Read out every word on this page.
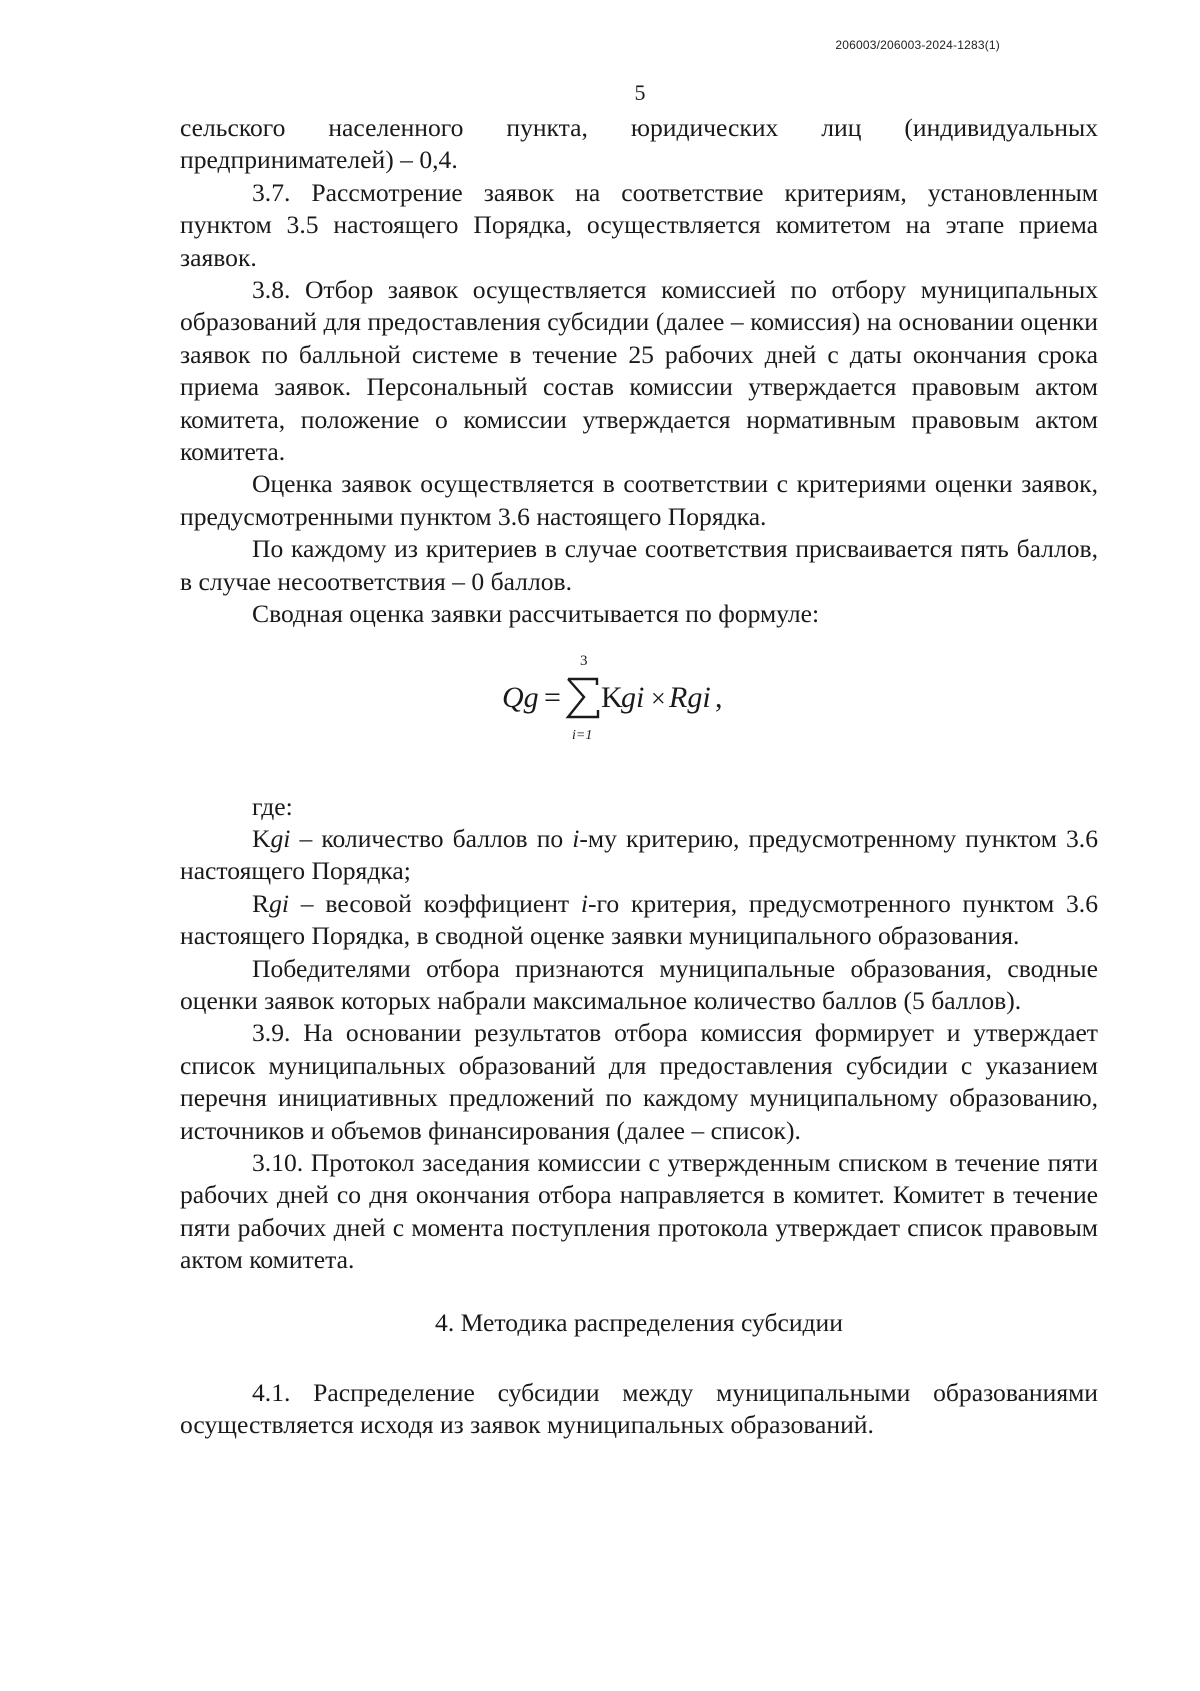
206003/206003-2024-1283(1)
5

сельского населенного пункта, юридических лиц (индивидуальных предпринимателей) – 0,4.

3.7. Рассмотрение заявок на соответствие критериям, установленным пунктом 3.5 настоящего Порядка, осуществляется комитетом на этапе приема заявок.

3.8. Отбор заявок осуществляется комиссией по отбору муниципальных образований для предоставления субсидии (далее – комиссия) на основании оценки заявок по балльной системе в течение 25 рабочих дней с даты окончания срока приема заявок. Персональный состав комиссии утверждается правовым актом комитета, положение о комиссии утверждается нормативным правовым актом комитета.

Оценка заявок осуществляется в соответствии с критериями оценки заявок, предусмотренными пунктом 3.6 настоящего Порядка.

По каждому из критериев в случае соответствия присваивается пять баллов, в случае несоответствия – 0 баллов.

Сводная оценка заявки рассчитывается по формуле:

Qg =
3
i=1
K
gi × Rgi ,

где:

Kgi – количество баллов по i-му критерию, предусмотренному пунктом 3.6 настоящего Порядка;

Rgi – весовой коэффициент i-го критерия, предусмотренного пунктом 3.6 настоящего Порядка, в сводной оценке заявки муниципального образования.

Победителями отбора признаются муниципальные образования, сводные оценки заявок которых набрали максимальное количество баллов (5 баллов).

3.9. На основании результатов отбора комиссия формирует и утверждает список муниципальных образований для предоставления субсидии с указанием перечня инициативных предложений по каждому муниципальному образованию, источников и объемов финансирования (далее – список).

3.10. Протокол заседания комиссии с утвержденным списком в течение пяти рабочих дней со дня окончания отбора направляется в комитет. Комитет в течение пяти рабочих дней с момента поступления протокола утверждает список правовым актом комитета.

4. Методика распределения субсидии

4.1. Распределение субсидии между муниципальными образованиями осуществляется исходя из заявок муниципальных образований.
